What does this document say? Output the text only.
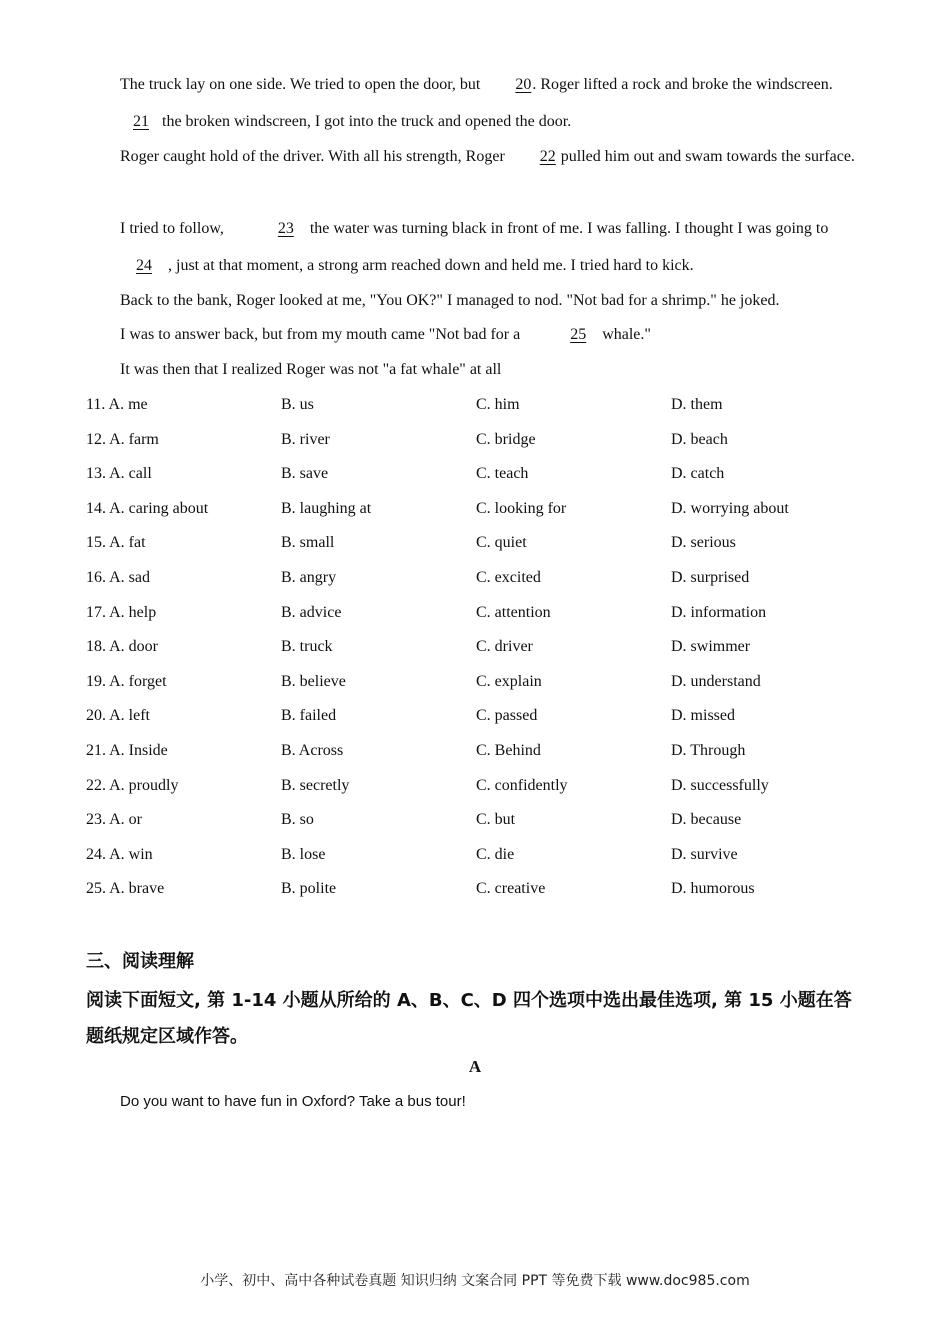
The truck lay on one side. We tried to open the door, but 20. Roger lifted a rock and broke the windscreen. 21 the broken windscreen, I got into the truck and opened the door.

Roger caught hold of the driver. With all his strength, Roger 22 pulled him out and swam towards the surface.

I tried to follow,	23 the water was turning black in front of me. I was falling. I thought I was going to24 , just at that moment, a strong arm reached down and held me. I tried hard to kick.

Back to the bank, Roger looked at me, "You OK?" I managed to nod. "Not bad for a shrimp." he joked.

I was to answer back, but from my mouth came "Not bad for a	25 whale."

It was then that I realized Roger was not "a fat whale" at all

11. A. me	B. us	C. him	D. them
12. A. farm	B. river	C. bridge	D. beach
13. A. call	B. save	C. teach	D. catch
14. A. caring about	B. laughing at	C. looking for	D. worrying about
15. A. fat	B. small	C. quiet	D. serious
16. A. sad	B. angry	C. excited	D. surprised
17. A. help	B. advice	C. attention	D. information
18. A. door	B. truck	C. driver	D. swimmer
19. A. forget	B. believe	C. explain	D. understand
20. A. left	B. failed	C. passed	D. missed
21. A. Inside	B. Across	C. Behind	D. Through
22. A. proudly	B. secretly	C. confidently	D. successfully
23. A. or	B. so	C. but	D. because
24. A. win	B. lose	C. die	D. survive
25. A. brave	B. polite	C. creative	D. humorous
三、阅读理解
阅读下面短文, 第 1-14 小题从所给的 A、B、C、D 四个选项中选出最佳选项, 第 15 小题在答题纸规定区域作答。
A
Do you want to have fun in Oxford? Take a bus tour!
小学、初中、高中各种试卷真题 知识归纳 文案合同 PPT 等免费下载 www.doc985.com
